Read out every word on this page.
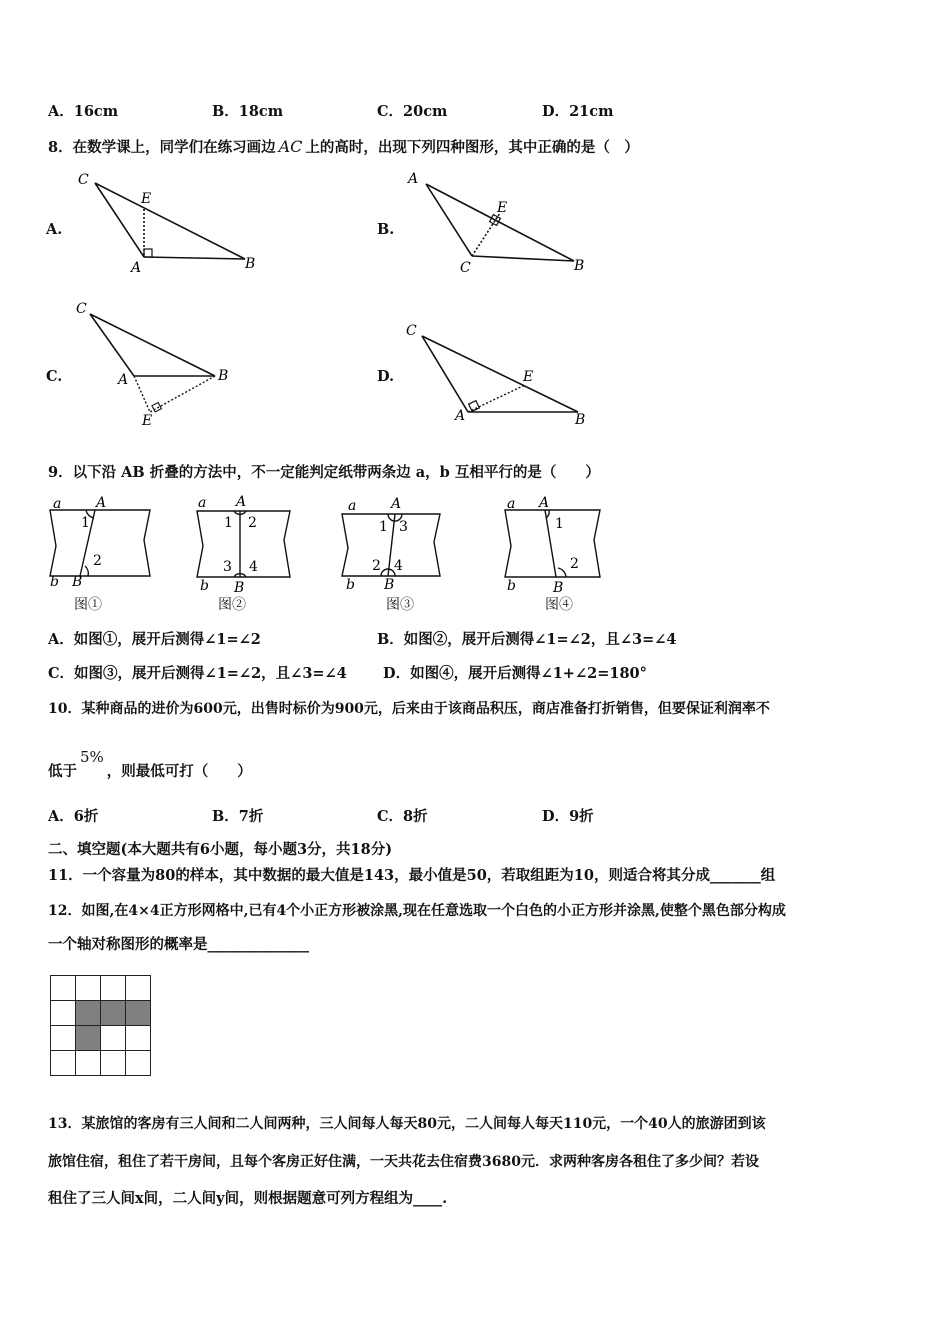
A．16cm	B．18cm	C．20cm	D．21cm
8．在数学课上，同学们在练习画边 AC 上的高时，出现下列四种图形，其中正确的是（　）
A.	B.
C.	D.
C
E
A	B
A
E
C	B
C
A	B
E
C
E
A	B
9．以下沿 AB 折叠的方法中，不一定能判定纸带两条边 a，b 互相平行的是（　　）
a A
1
2
b B
a A
1 2
3 4
b B
a A
1 3
2 4
b B
a A
1
2
b	B
图①	图②	图③	图④
A．如图①，展开后测得∠1=∠2	B．如图②，展开后测得∠1=∠2，且∠3=∠4
C．如图③，展开后测得∠1=∠2，且∠3=∠4 D．如图④，展开后测得∠1+∠2=180°
10．某种商品的进价为600元，出售时标价为900元，后来由于该商品积压，商店准备打折销售，但要保证利润率不
低于5%，则最低可打（　　）
A．6折	B．7折	C．8折	D．9折
二、填空题(本大题共有6小题，每小题3分，共18分)
11．一个容量为80的样本，其中数据的最大值是143，最小值是50，若取组距为10，则适合将其分成_______组
12．如图,在4×4正方形网格中,已有4个小正方形被涂黑,现在任意选取一个白色的小正方形并涂黑,使整个黑色部分构成
一个轴对称图形的概率是______________

13．某旅馆的客房有三人间和二人间两种，三人间每人每天80元，二人间每人每天110元，一个40人的旅游团到该
旅馆住宿，租住了若干房间，且每个客房正好住满，一天共花去住宿费3680元．求两种客房各租住了多少间？若设
租住了三人间x间，二人间y间，则根据题意可列方程组为____.
